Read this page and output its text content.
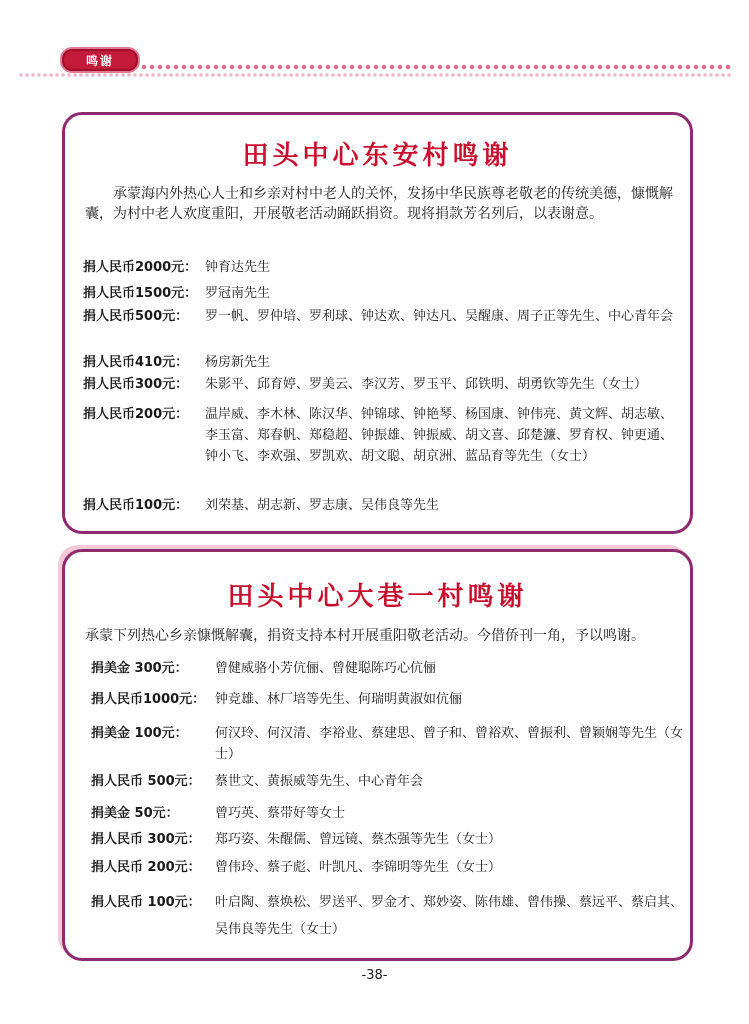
鸣谢
田头中心东安村鸣谢
承蒙海内外热心人士和乡亲对村中老人的关怀，发扬中华民族尊老敬老的传统美德，慷慨解囊，为村中老人欢度重阳，开展敬老活动踊跃捐资。现将捐款芳名列后，以表谢意。
捐人民币2000元： 钟育达先生
捐人民币1500元： 罗冠南先生
捐人民币500元：	罗一帆、罗仲培、罗利球、钟达欢、钟达凡、吴醒康、周子正等先生、中心青年会
捐人民币410元：	杨房新先生
捐人民币300元：	朱影平、邱育婷、罗美云、李汉芳、罗玉平、邱铁明、胡勇钦等先生（女士）
捐人民币200元：	温岸威、李木林、陈汉华、钟锦球、钟艳琴、杨国康、钟伟亮、黄文辉、胡志敏、李玉富、郑春帆、郑稳超、钟振雄、钟振威、胡文喜、邱楚濂、罗育权、钟更通、钟小飞、李欢强、罗凯欢、胡文聪、胡京洲、蓝品育等先生（女士）
捐人民币100元：	刘荣基、胡志新、罗志康、吴伟良等先生
田头中心大巷一村鸣谢
承蒙下列热心乡亲慷慨解囊，捐资支持本村开展重阳敬老活动。今借侨刊一角，予以鸣谢。
捐美金 300元：	曾健威骆小芳伉俪、曾健聪陈巧心伉俪
捐人民币1000元： 钟竞雄、林厂培等先生、何瑞明黄淑如伉俪
捐美金 100元：	何汉玲、何汉清、李裕业、蔡建思、曾子和、曾裕欢、曾振利、曾颖娴等先生（女士）
捐人民币 500元：	蔡世文、黄振威等先生、中心青年会
捐美金 50元：	曾巧英、蔡带好等女士
捐人民币 300元：	郑巧姿、朱醒儒、曾远镜、蔡杰强等先生（女士）
捐人民币 200元：	曾伟玲、蔡子彪、叶凯凡、李锦明等先生（女士）
捐人民币 100元：	叶启陶、蔡焕松、罗送平、罗金才、郑妙姿、陈伟雄、曾伟操、蔡远平、蔡启其、吴伟良等先生（女士）
-38-
